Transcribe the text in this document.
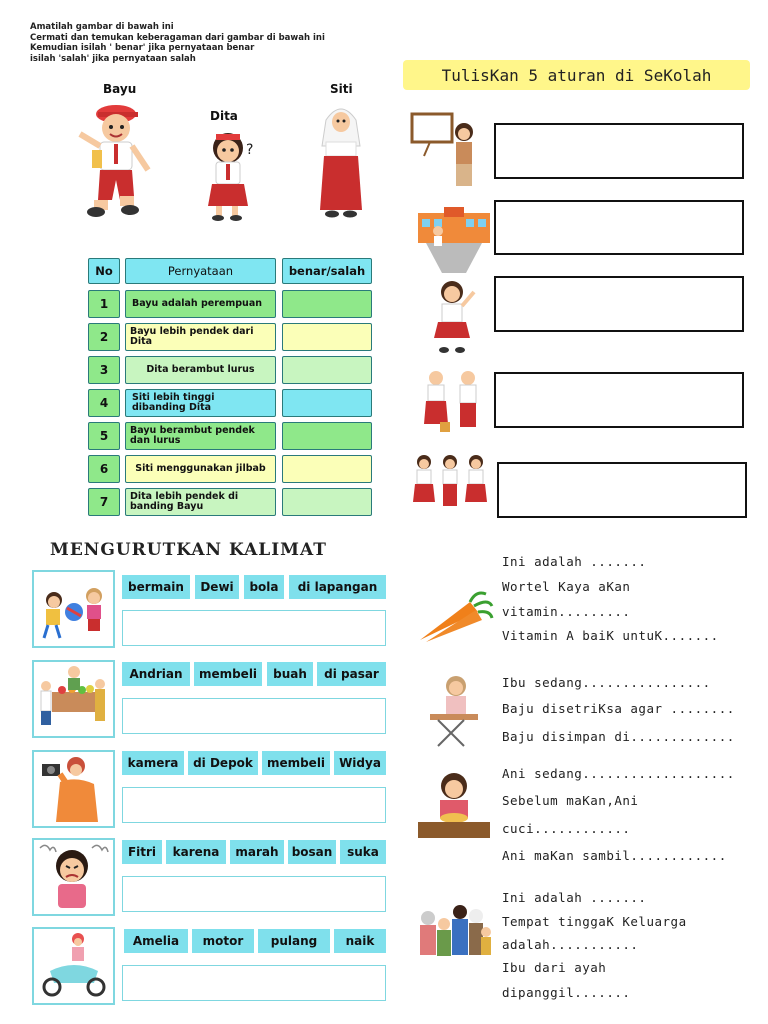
Amatilah gambar di bawah ini
Cermati dan temukan keberagaman dari gambar di bawah ini
Kemudian isilah ' benar' jika pernyataan benar
isilah 'salah' jika pernyataan salah
Bayu
Dita
Siti
?
No	Pernyataan	benar/salah
1	Bayu adalah perempuan
2	Bayu lebih pendek dari Dita
3	Dita berambut lurus
4	Siti lebih tinggi dibanding Dita
5	Bayu berambut pendek dan lurus
6	Siti menggunakan jilbab
7	Dita lebih pendek di banding Bayu
TulisKan 5 aturan di SeKolah
MENGURUTKAN KALIMAT
bermain	Dewi	bola	di lapangan
Andrian	membeli	buah	di pasar
kamera	di Depok	membeli	Widya
Fitri	karena	marah	bosan	suka
Amelia	motor	pulang	naik
Ini adalah .......
Wortel Kaya aKan
vitamin.........
Vitamin A baiK untuK.......
Ibu sedang................
Baju disetriKsa agar ........
Baju disimpan di.............
Ani sedang...................
Sebelum maKan,Ani
cuci............
Ani maKan sambil............
Ini adalah .......
Tempat tinggaK Keluarga
adalah...........
Ibu dari ayah
dipanggil.......
